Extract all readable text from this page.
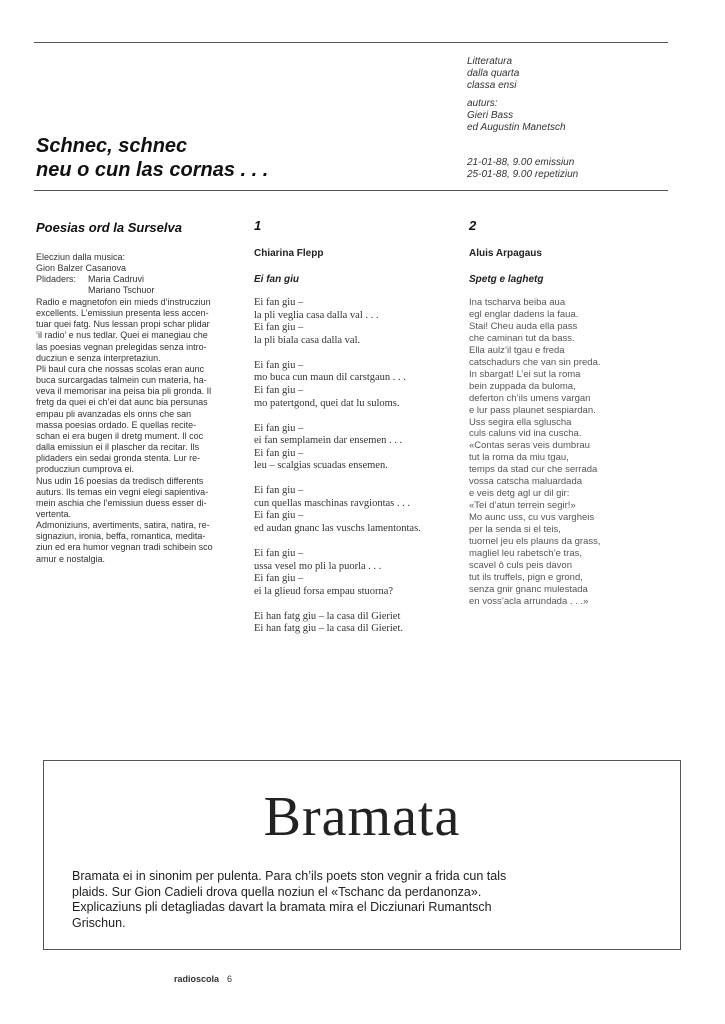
Litteratura
dalla quarta
classa ensi
auturs:
Gieri Bass
ed Augustin Manetsch
21-01-88, 9.00 emissiun
25-01-88, 9.00 repetiziun
Schnec, schnec
neu o cun las cornas . . .
Poesias ord la Surselva
Elecziun dalla musica:
Gion Balzer Casanova
Plidaders: Maria Cadruvi
Mariano Tschuor
Radio e magnetofon ein mieds d’instrucziun
excellents. L’emissiun presenta less accen-
tuar quei fatg. Nus lessan propi schar plidar
‘il radio’ e nus tedlar. Quei ei manegiau che
las poesias vegnan prelegidas senza intro-
ducziun e senza interpretaziun.
Pli baul cura che nossas scolas eran aunc
buca surcargadas talmein cun materia, ha-
veva il memorisar ina peisa bia pli gronda. Il
fretg da quei ei ch’ei dat aunc bia persunas
empau pli avanzadas els onns che san
massa poesias ordado. E quellas recite-
schan ei era bugen il dretg mument. Il coc
dalla emissiun ei il plascher da recitar. Ils
plidaders ein sedai gronda stenta. Lur re-
producziun cumprova ei.
Nus udin 16 poesias da tredisch differents
auturs. Ils temas ein vegni elegi sapientiva-
mein aschia che l’emissiun duess esser di-
vertenta.
Admoniziuns, avertiments, satira, natira, re-
signaziun, ironia, beffa, romantica, medita-
ziun ed era humor vegnan tradi schibein sco
amur e nostalgia.
1
Chiarina Flepp
Ei fan giu
Ei fan giu –
la pli veglia casa dalla val . . .
Ei fan giu –
la pli biala casa dalla val.
Ei fan giu –
mo buca cun maun dil carstgaun . . .
Ei fan giu –
mo patertgond, quei dat lu suloms.
Ei fan giu –
ei fan semplamein dar ensemen . . .
Ei fan giu –
leu – scalgias scuadas ensemen.
Ei fan giu –
cun quellas maschinas ravgiontas . . .
Ei fan giu –
ed audan gnanc las vuschs lamentontas.
Ei fan giu –
ussa vesel mo pli la puorla . . .
Ei fan giu –
ei la glieud forsa empau stuorna?
Ei han fatg giu – la casa dil Gieriet
Ei han fatg giu – la casa dil Gieriet.
2
Aluis Arpagaus
Spetg e laghetg
Ina tscharva beiba aua
egl englar dadens la faua.
Stai! Cheu auda ella pass
che caminan tut da bass.
Ella aulz’il tgau e freda
catschadurs che van sin preda.
In sbargat! L’ei sut la roma
bein zuppada da buloma,
deferton ch’ils umens vargan
e lur pass plaunet sespiardan.
Uss segira ella sgluscha
culs caluns vid ina cuscha.
«Contas seras veis dumbrau
tut la roma da miu tgau,
temps da stad cur che serrada
vossa catscha maluardada
e veis detg agl ur dil gir:
«Tei d’atun terrein segir!»
Mo aunc uss, cu vus vargheis
per la senda si el teis,
tuornel jeu els plauns da grass,
magliel leu rabetsch’e tras,
scavel ô culs peis davon
tut ils truffels, pign e grond,
senza gnir gnanc mulestada
en voss’acla arrundada . . .»
Bramata
Bramata ei in sinonim per pulenta. Para ch’ils poets ston vegnir a frida cun tals
plaids. Sur Gion Cadieli drova quella noziun el «Tschanc da perdanonza».
Explicaziuns pli detagliadas davart la bramata mira el Dicziunari Rumantsch
Grischun.
radioscola 6
